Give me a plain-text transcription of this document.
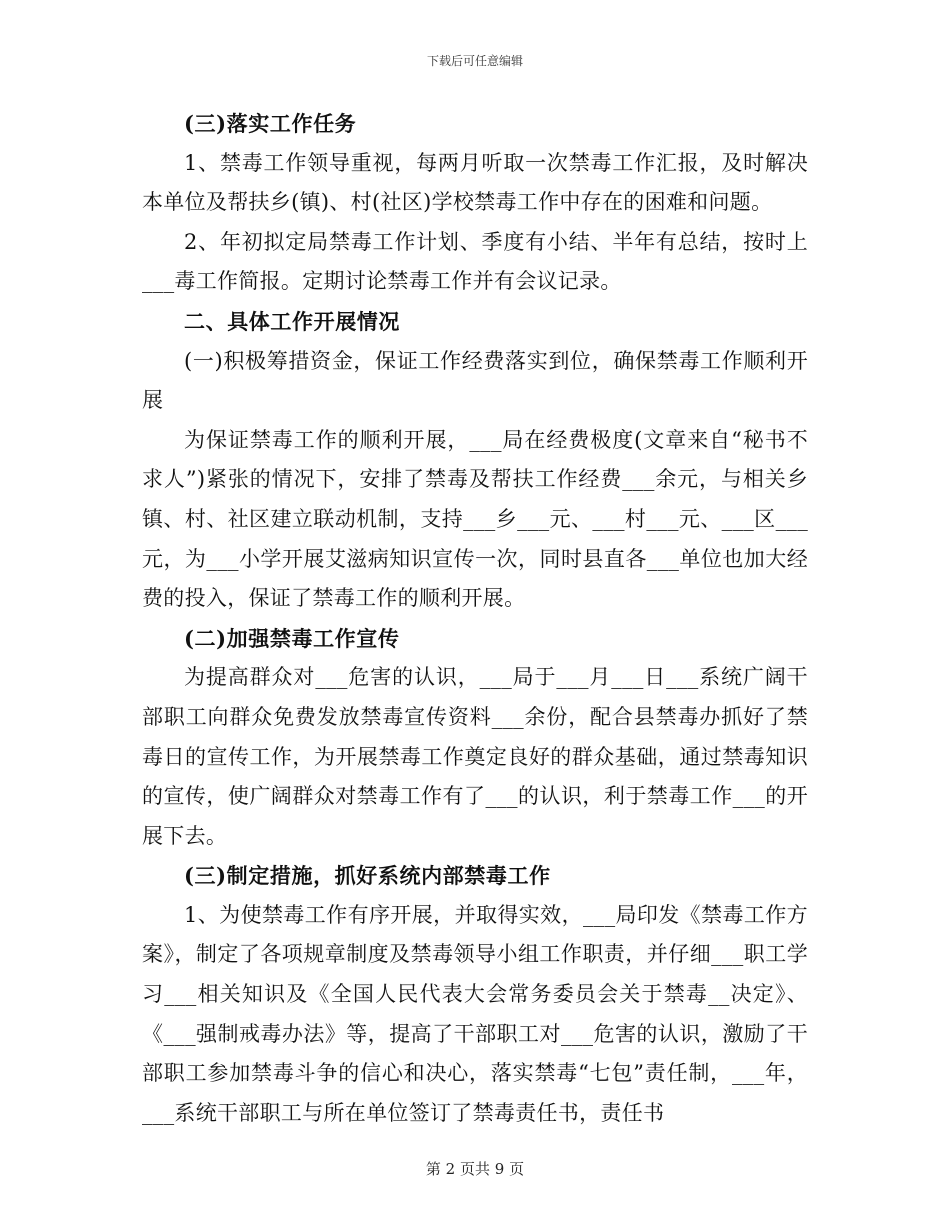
下载后可任意编辑

(三)落实工作任务

1、禁毒工作领导重视，每两月听取一次禁毒工作汇报，及时解决本单位及帮扶乡(镇)、村(社区)学校禁毒工作中存在的困难和问题。

2、年初拟定局禁毒工作计划、季度有小结、半年有总结，按时上___毒工作简报。定期讨论禁毒工作并有会议记录。

二、具体工作开展情况

(一)积极筹措资金，保证工作经费落实到位，确保禁毒工作顺利开展

为保证禁毒工作的顺利开展，___局在经费极度(文章来自“秘书不求人”)紧张的情况下，安排了禁毒及帮扶工作经费___余元，与相关乡镇、村、社区建立联动机制，支持___乡___元、___村___元、___区___元，为___小学开展艾滋病知识宣传一次，同时县直各___单位也加大经费的投入，保证了禁毒工作的顺利开展。

(二)加强禁毒工作宣传

为提高群众对___危害的认识，___局于___月___日___系统广阔干部职工向群众免费发放禁毒宣传资料___余份，配合县禁毒办抓好了禁毒日的宣传工作，为开展禁毒工作奠定良好的群众基础，通过禁毒知识的宣传，使广阔群众对禁毒工作有了___的认识，利于禁毒工作___的开展下去。

(三)制定措施，抓好系统内部禁毒工作

1、为使禁毒工作有序开展，并取得实效，___局印发《禁毒工作方案》，制定了各项规章制度及禁毒领导小组工作职责，并仔细___职工学习___相关知识及《全国人民代表大会常务委员会关于禁毒__决定》、《___强制戒毒办法》等，提高了干部职工对___危害的认识，激励了干部职工参加禁毒斗争的信心和决心，落实禁毒“七包”责任制，___年，___系统干部职工与所在单位签订了禁毒责任书，责任书

第 2 页共 9 页
